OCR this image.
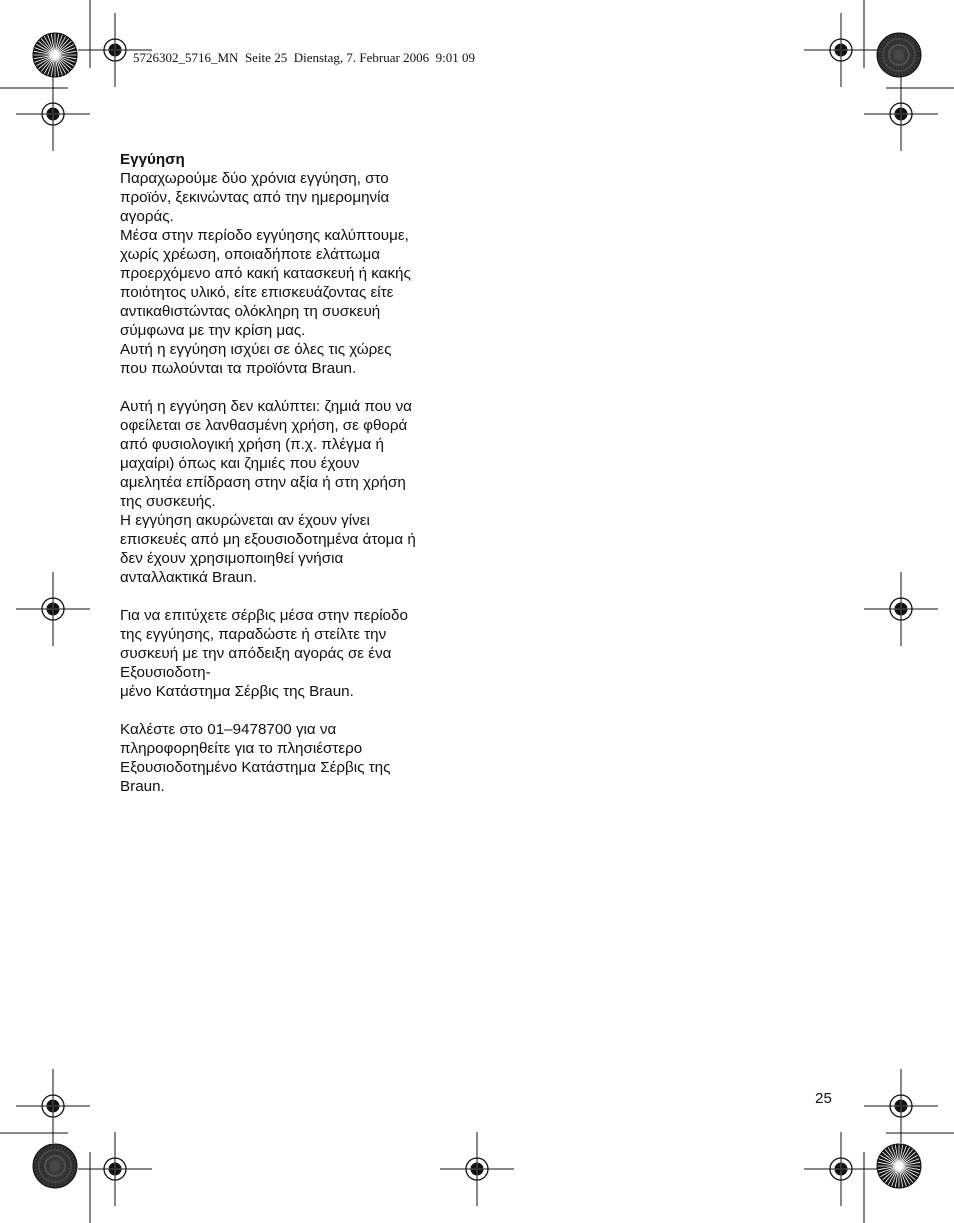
5726302_5716_MN  Seite 25  Dienstag, 7. Februar 2006  9:01 09
Εγγύηση

Παραχωρούμε δύο χρόνια εγγύηση, στο
προϊόν, ξεκινώντας από την ημερομηνία
αγοράς.

Μέσα στην περίοδο εγγύησης καλύπτουμε,
χωρίς χρέωση, οποιαδήποτε ελάττωμα
προερχόμενο από κακή κατασκευή ή κακής
ποιότητος υλικό, είτε επισκευάζοντας είτε
αντικαθιστώντας ολόκληρη τη συσκευή
σύμφωνα με την κρίση μας.

Αυτή η εγγύηση ισχύει σε όλες τις χώρες
που πωλούνται τα προϊόντα Braun.

Αυτή η εγγύηση δεν καλύπτει: ζημιά που να
οφείλεται σε λανθασμένη χρήση, σε φθορά
από φυσιολογική χρήση (π.χ. πλέγμα ή
μαχαίρι) όπως και ζημιές που έχουν
αμελητέα επίδραση στην αξία ή στη χρήση
της συσκευής.

Η εγγύηση ακυρώνεται αν έχουν γίνει
επισκευές από μη εξουσιοδοτημένα άτομα ή
δεν έχουν χρησιμοποιηθεί γνήσια
ανταλλακτικά Braun.

Για να επιτύχετε σέρβις μέσα στην περίοδο
της εγγύησης, παραδώστε ή στείλτε την
συσκευή με την απόδειξη αγοράς σε ένα
Εξουσιοδοτη-
μένο Κατάστημα Σέρβις της Braun.

Καλέστε στο 01–9478700 για να
πληροφορηθείτε για το πλησιέστερο
Εξουσιοδοτημένο Κατάστημα Σέρβις της
Braun.

25
